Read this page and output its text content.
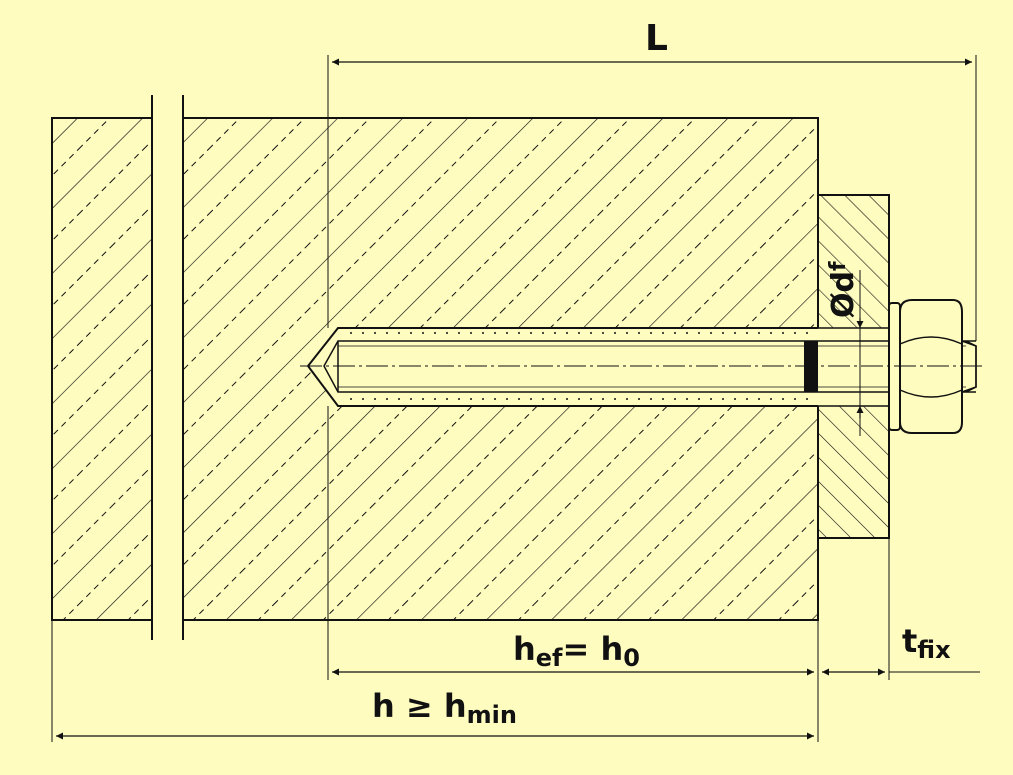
L
$Ød^f$
hef= h0	tfix
h ≥ hmin
